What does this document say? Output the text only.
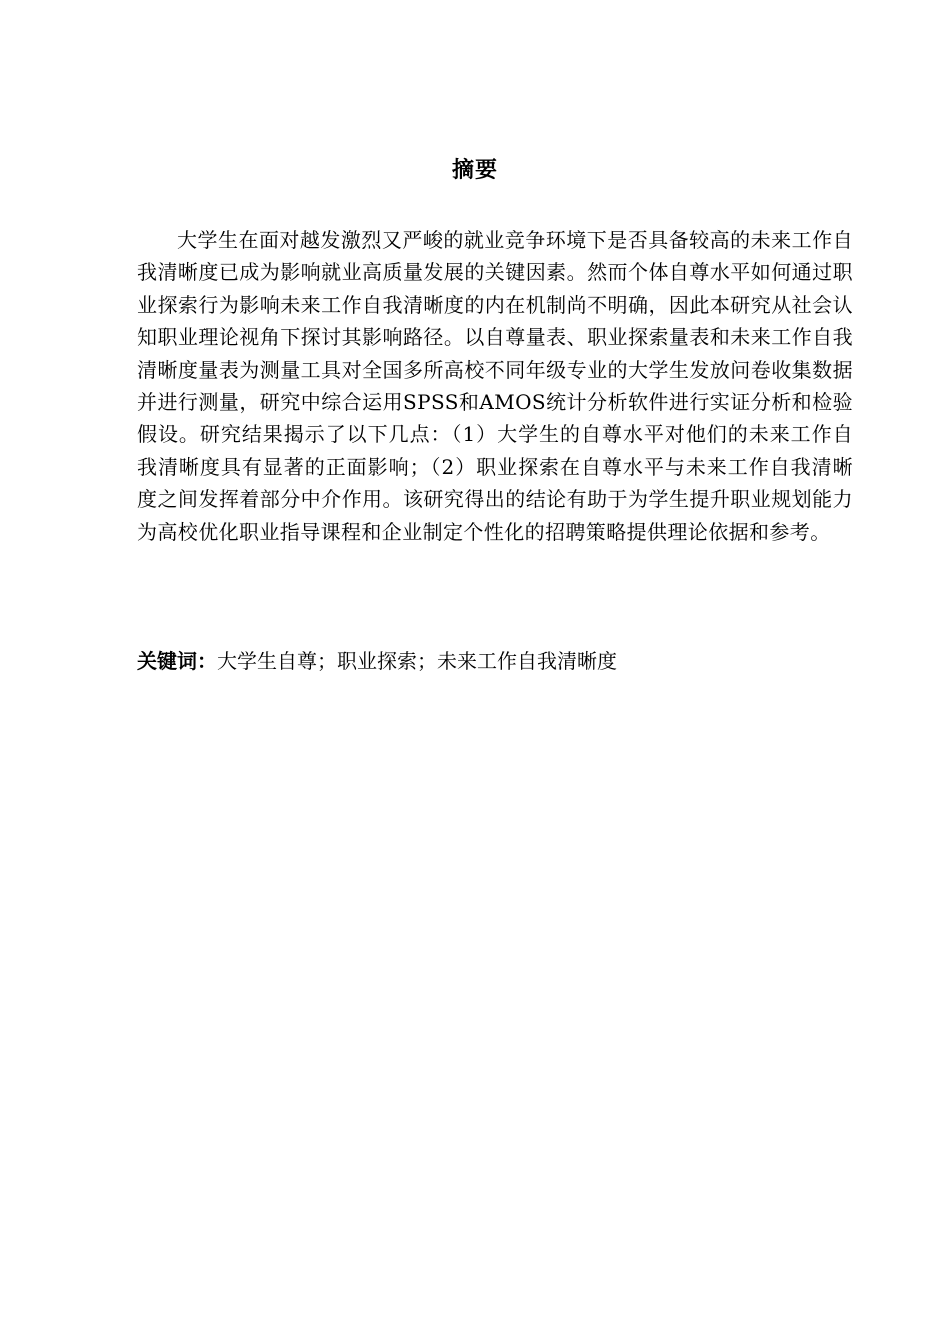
摘要

大学生在面对越发激烈又严峻的就业竞争环境下是否具备较高的未来工作自我清晰度已成为影响就业高质量发展的关键因素。然而个体自尊水平如何通过职业探索行为影响未来工作自我清晰度的内在机制尚不明确，因此本研究从社会认知职业理论视角下探讨其影响路径。以自尊量表、职业探索量表和未来工作自我清晰度量表为测量工具对全国多所高校不同年级专业的大学生发放问卷收集数据并进行测量，研究中综合运用SPSS和AMOS统计分析软件进行实证分析和检验假设。研究结果揭示了以下几点：（1）大学生的自尊水平对他们的未来工作自我清晰度具有显著的正面影响；（2）职业探索在自尊水平与未来工作自我清晰度之间发挥着部分中介作用。该研究得出的结论有助于为学生提升职业规划能力为高校优化职业指导课程和企业制定个性化的招聘策略提供理论依据和参考。

关键词：大学生自尊；职业探索；未来工作自我清晰度
